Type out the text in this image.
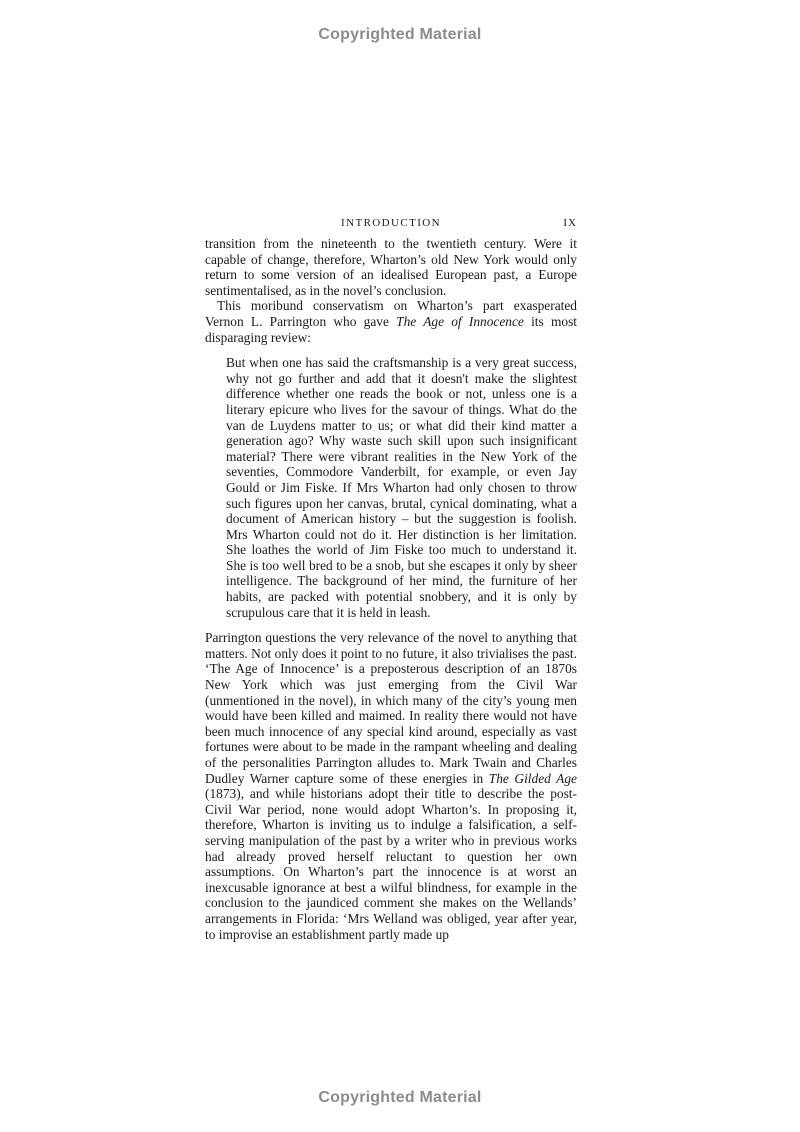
Copyrighted Material
INTRODUCTION	IX

transition from the nineteenth to the twentieth century. Were it capable of change, therefore, Wharton’s old New York would only return to some version of an idealised European past, a Europe sentimentalised, as in the novel’s conclusion.

This moribund conservatism on Wharton’s part exasperated Vernon L. Parrington who gave The Age of Innocence its most disparaging review:

But when one has said the craftsmanship is a very great success, why not go further and add that it doesn't make the slightest difference whether one reads the book or not, unless one is a literary epicure who lives for the savour of things. What do the van de Luydens matter to us; or what did their kind matter a generation ago? Why waste such skill upon such insignificant material? There were vibrant realities in the New York of the seventies, Commodore Vanderbilt, for example, or even Jay Gould or Jim Fiske. If Mrs Wharton had only chosen to throw such figures upon her canvas, brutal, cynical dominating, what a document of American history – but the suggestion is foolish. Mrs Wharton could not do it. Her distinction is her limitation. She loathes the world of Jim Fiske too much to understand it. She is too well bred to be a snob, but she escapes it only by sheer intelligence. The background of her mind, the furniture of her habits, are packed with potential snobbery, and it is only by scrupulous care that it is held in leash.

Parrington questions the very relevance of the novel to anything that matters. Not only does it point to no future, it also trivialises the past. ‘The Age of Innocence’ is a preposterous description of an 1870s New York which was just emerging from the Civil War (unmentioned in the novel), in which many of the city’s young men would have been killed and maimed. In reality there would not have been much innocence of any special kind around, especially as vast fortunes were about to be made in the rampant wheeling and dealing of the personalities Parrington alludes to. Mark Twain and Charles Dudley Warner capture some of these energies in The Gilded Age (1873), and while historians adopt their title to describe the post-Civil War period, none would adopt Wharton’s. In proposing it, therefore, Wharton is inviting us to indulge a falsification, a self-serving manipulation of the past by a writer who in previous works had already proved herself reluctant to question her own assumptions. On Wharton’s part the innocence is at worst an inexcusable ignorance at best a wilful blindness, for example in the conclusion to the jaundiced comment she makes on the Wellands’ arrangements in Florida: ‘Mrs Welland was obliged, year after year, to improvise an establishment partly made up

Copyrighted Material
